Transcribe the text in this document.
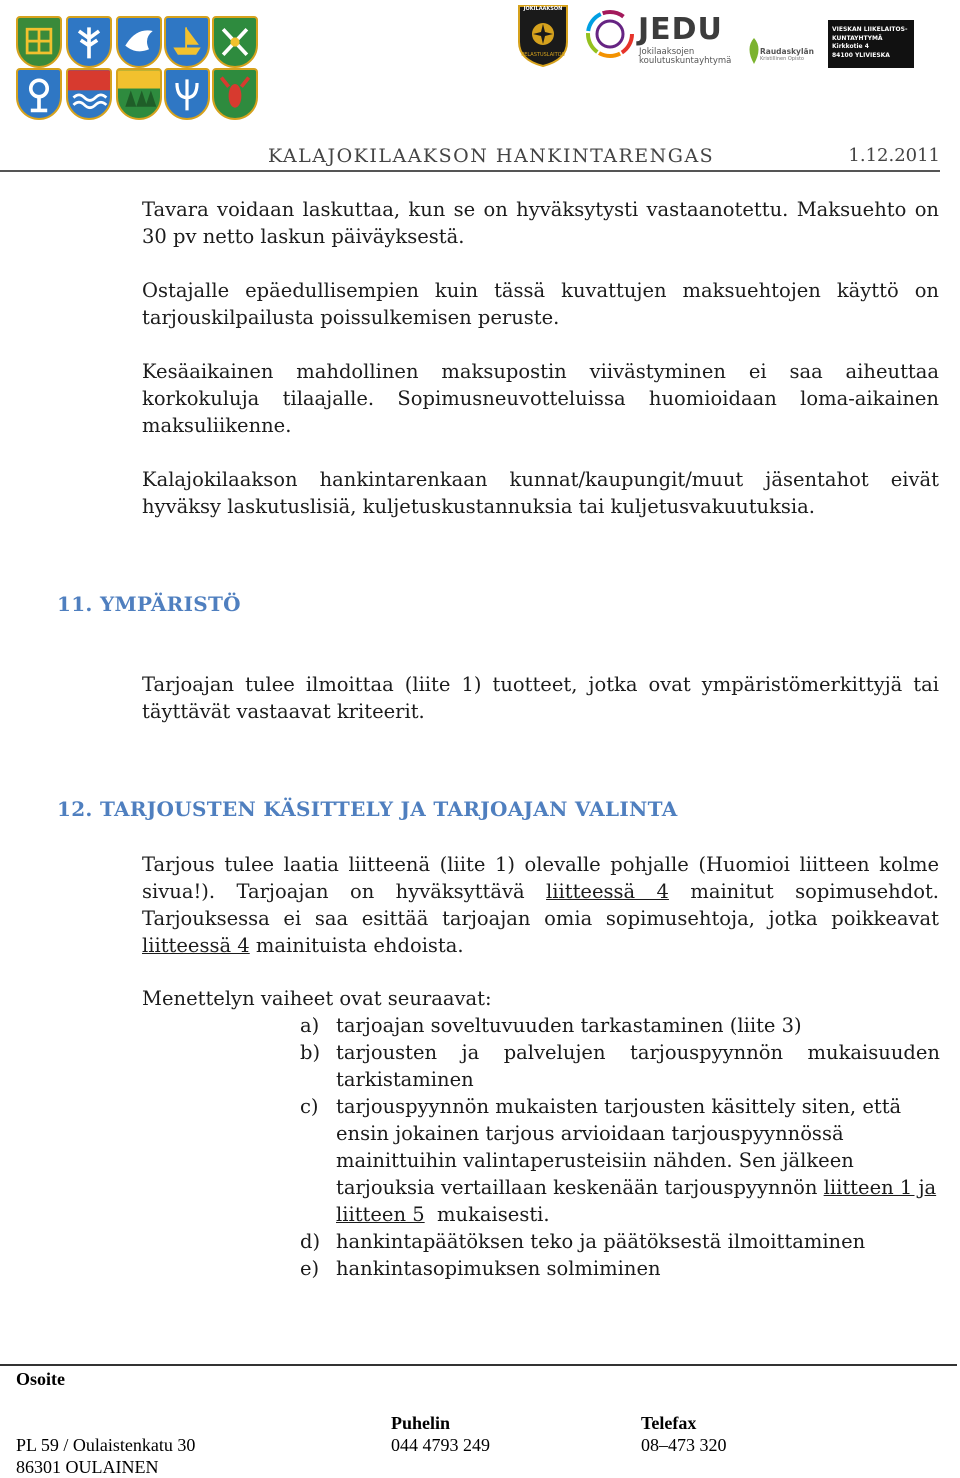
JOKILAAKSON
PELASTUSLAITOS
JEDU
Jokilaaksojen
koulutuskuntayhtymä
Raudaskylän
Kristillinen Opisto
VIESKAN LIIKELAITOS-
KUNTAYHTYMÄ
Kirkkotie 4
84100 YLIVIESKA
KALAJOKILAAKSON HANKINTARENGAS	1.12.2011
Tavara voidaan laskuttaa, kun se on hyväksytysti vastaanotettu. Maksuehto on
30 pv netto laskun päiväyksestä.
Ostajalle epäedullisempien kuin tässä kuvattujen maksuehtojen käyttö on
tarjouskilpailusta poissulkemisen peruste.
Kesäaikainen mahdollinen maksupostin viivästyminen ei saa aiheuttaa
korkokuluja tilaajalle. Sopimusneuvotteluissa huomioidaan loma-aikainen
maksuliikenne.
Kalajokilaakson hankintarenkaan kunnat/kaupungit/muut jäsentahot eivät
hyväksy laskutuslisiä, kuljetuskustannuksia tai kuljetusvakuutuksia.
11. YMPÄRISTÖ
Tarjoajan tulee ilmoittaa (liite 1) tuotteet, jotka ovat ympäristömerkittyjä tai
täyttävät vastaavat kriteerit.
12. TARJOUSTEN KÄSITTELY JA TARJOAJAN VALINTA
Tarjous tulee laatia liitteenä (liite 1) olevalle pohjalle (Huomioi liitteen kolme
sivua!). Tarjoajan on hyväksyttävä liitteessä 4 mainitut sopimusehdot.
Tarjouksessa ei saa esittää tarjoajan omia sopimusehtoja, jotka poikkeavat
liitteessä 4 mainituista ehdoista.
Menettelyn vaiheet ovat seuraavat:
a) tarjoajan soveltuvuuden tarkastaminen (liite 3)
b) tarjousten ja palvelujen tarjouspyynnön mukaisuuden
tarkistaminen
c) tarjouspyynnön mukaisten tarjousten käsittely siten, että
ensin jokainen tarjous arvioidaan tarjouspyynnössä
mainittuihin valintaperusteisiin nähden. Sen jälkeen
tarjouksia vertaillaan keskenään tarjouspyynnön liitteen 1 ja
liitteen 5 mukaisesti.
d) hankintapäätöksen teko ja päätöksestä ilmoittaminen
e) hankintasopimuksen solmiminen
Osoite
Puhelin	Telefax
PL 59 / Oulaistenkatu 30	044 4793 249	08–473 320
86301 OULAINEN
